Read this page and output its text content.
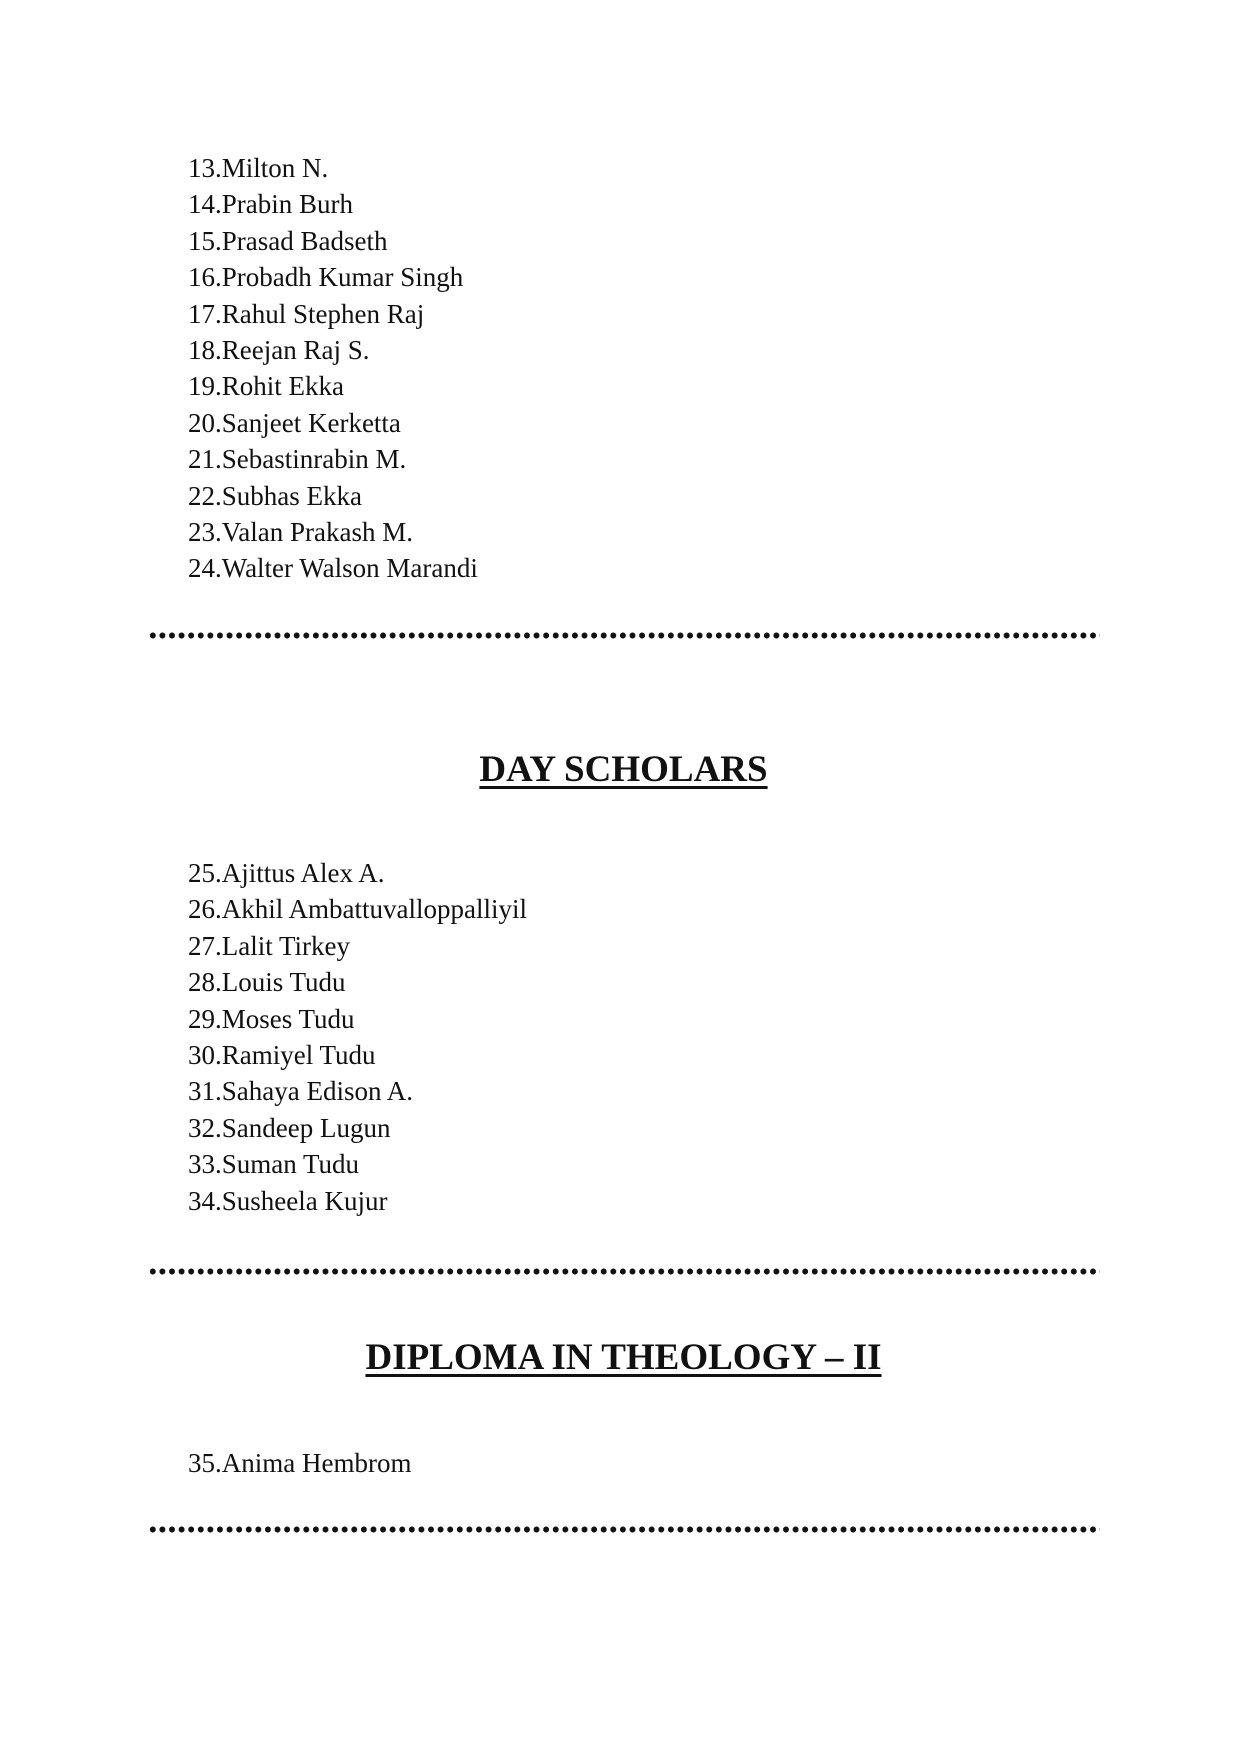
13.Milton N.
14.Prabin Burh
15.Prasad Badseth
16.Probadh Kumar Singh
17.Rahul Stephen Raj
18.Reejan Raj S.
19.Rohit Ekka
20.Sanjeet Kerketta
21.Sebastinrabin M.
22.Subhas Ekka
23.Valan Prakash M.
24.Walter Walson Marandi
DAY SCHOLARS
25.Ajittus Alex A.
26.Akhil Ambattuvalloppalliyil
27.Lalit Tirkey
28.Louis Tudu
29.Moses Tudu
30.Ramiyel Tudu
31.Sahaya Edison A.
32.Sandeep Lugun
33.Suman Tudu
34.Susheela Kujur
DIPLOMA IN THEOLOGY – II
35.Anima Hembrom
